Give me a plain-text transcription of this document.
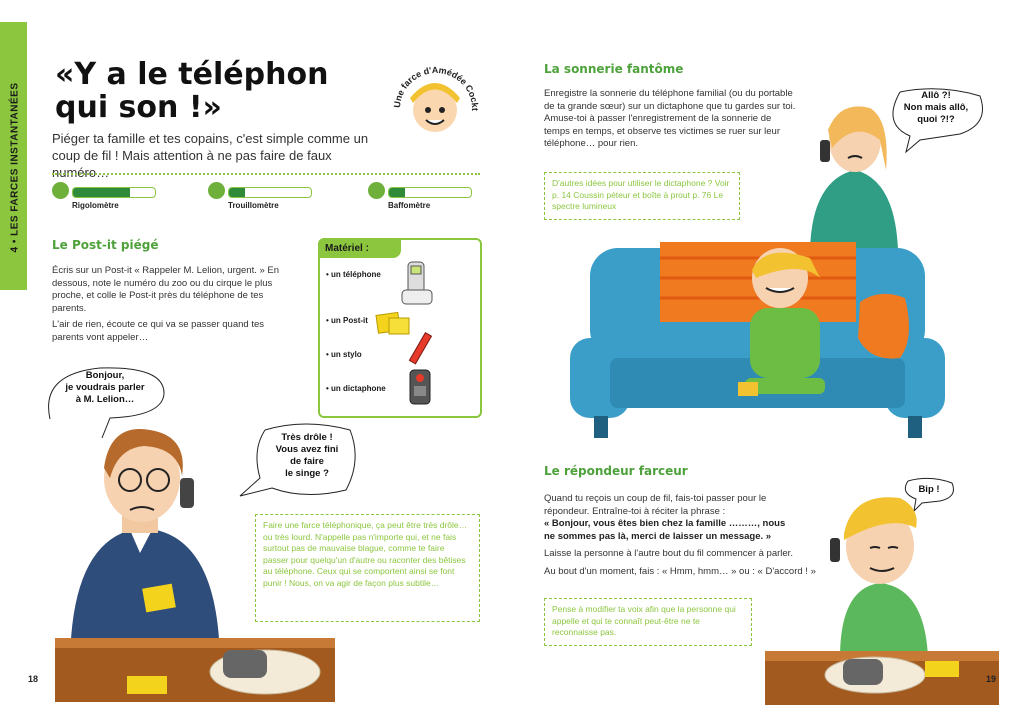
4 • LES FARCES INSTANTANÉES
«Y a le téléphon
qui son !»	Une farce d'Amédée Cocktail

Piéger ta famille et tes copains, c'est simple comme un coup de fil ! Mais attention à ne pas faire de faux numéro…

Rigolomètre	Trouillomètre	Baffomètre
Le Post-it piégé

Écris sur un Post-it « Rappeler M. Lelion, urgent. » En dessous, note le numéro du zoo ou du cirque le plus proche, et colle le Post-it près du téléphone de tes parents.

L'air de rien, écoute ce qui va se passer quand tes parents vont appeler…

Matériel :
• un téléphone
• un Post-it
• un stylo
• un dictaphone
Bonjour,
je voudrais parler
à M. Lelion…
Très drôle !
Vous avez fini
de faire
le singe ?
Faire une farce téléphonique, ça peut être très drôle… ou très lourd. N'appelle pas n'importe qui, et ne fais surtout pas de mauvaise blague, comme te faire passer pour quelqu'un d'autre ou raconter des bêtises au téléphone. Ceux qui se comportent ainsi se font punir ! Nous, on va agir de façon plus subtile…
18
La sonnerie fantôme

Enregistre la sonnerie du téléphone familial (ou du portable de ta grande sœur) sur un dictaphone que tu gardes sur toi. Amuse-toi à passer l'enregistrement de la sonnerie de temps en temps, et observe tes victimes se ruer sur leur téléphone… pour rien.

D'autres idées pour utiliser le dictaphone ? Voir p. 14 Coussin péteur et boîte à prout p. 76 Le spectre lumineux
Allô ?!
Non mais allô,
quoi ?!?
Le répondeur farceur

Quand tu reçois un coup de fil, fais-toi passer pour le répondeur. Entraîne-toi à réciter la phrase :

« Bonjour, vous êtes bien chez la famille ………, nous ne sommes pas là, merci de laisser un message. »

Laisse la personne à l'autre bout du fil commencer à parler.

Au bout d'un moment, fais : « Hmm, hmm… » ou : « D'accord ! »

Pense à modifier ta voix afin que la personne qui appelle et qui te connaît peut-être ne te reconnaisse pas.
Bip !
19
